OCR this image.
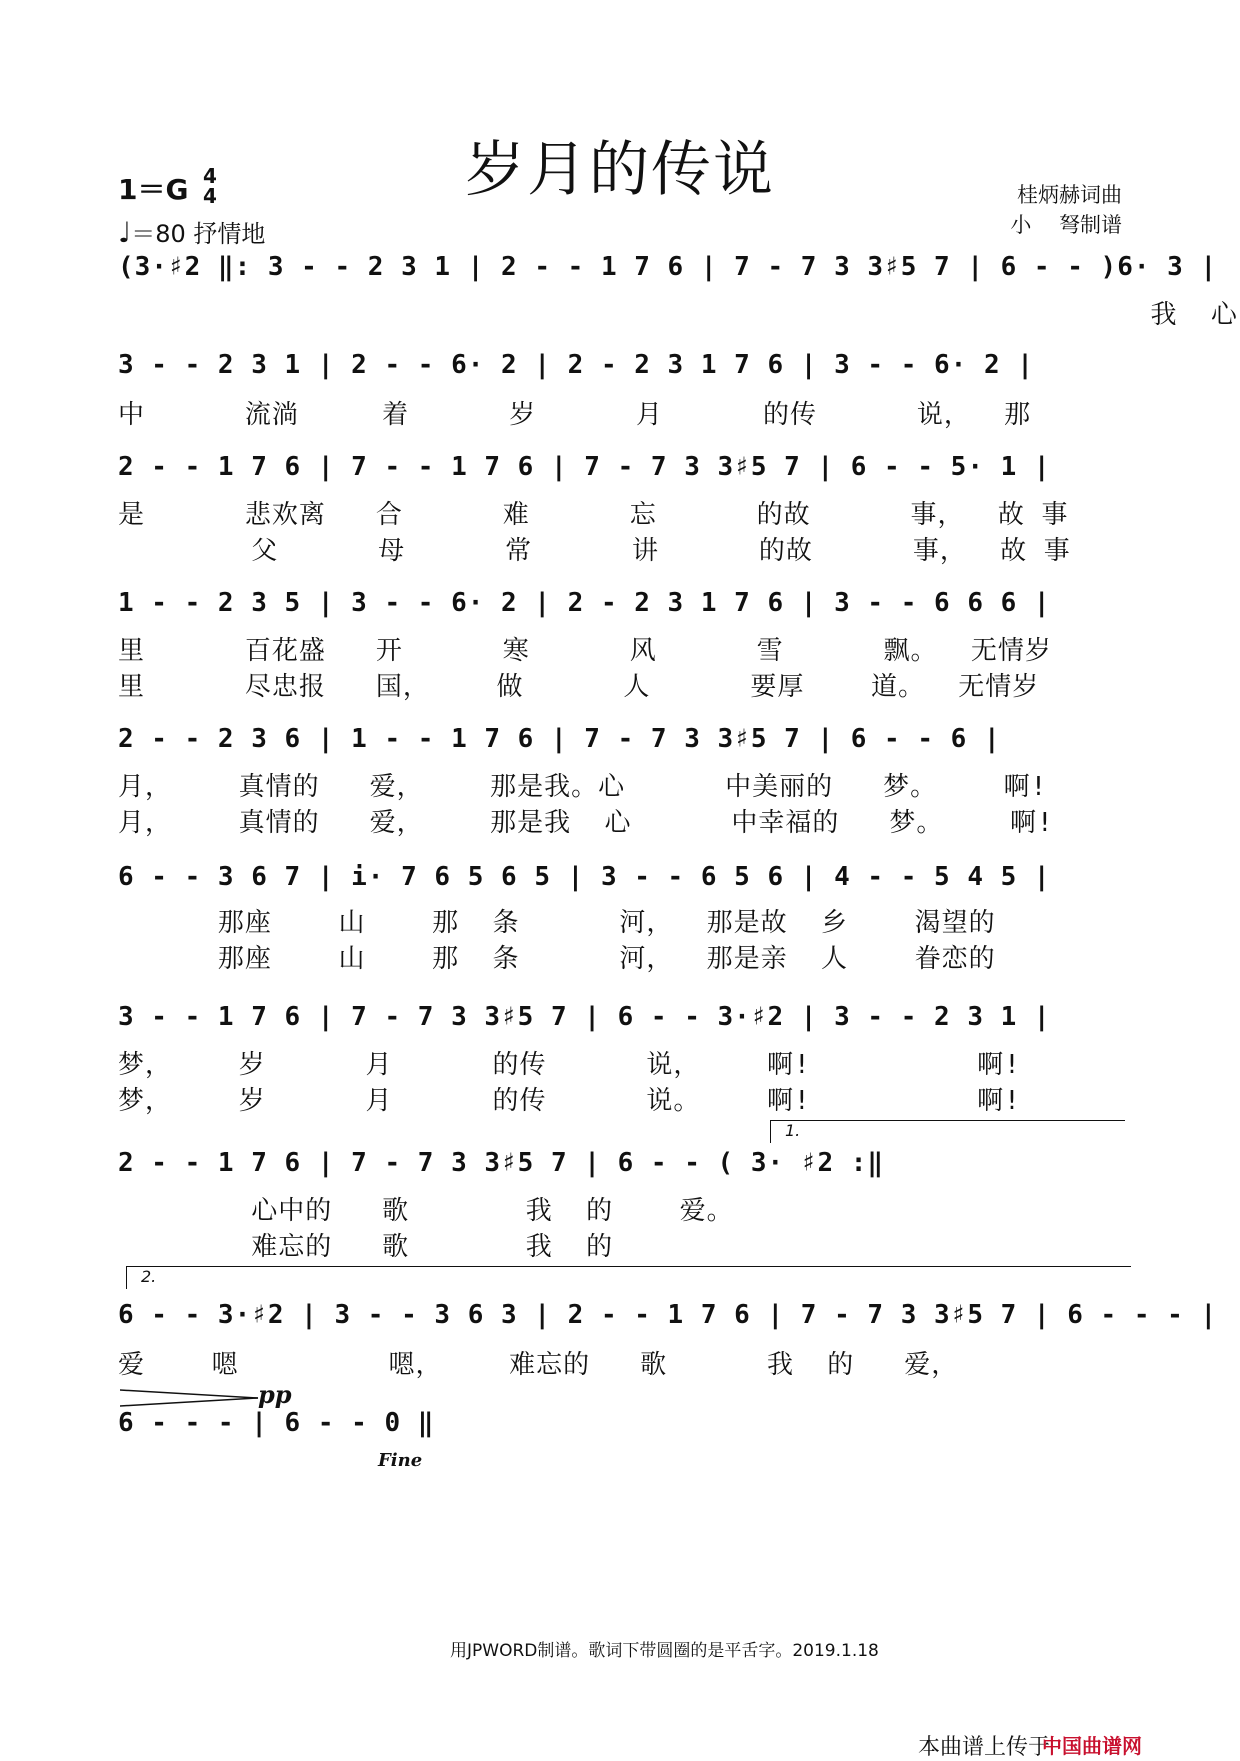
岁月的传说
1＝G 4
4
♩＝80 抒情地
桂炳赫词曲
小　 弩制谱
(3·♯2 ‖: 3 - - 2 3 1 | 2 - - 1 7 6 | 7 - 7 3 3♯5 7 | 6 - - )6· 3 |
我  心
3 - - 2 3 1 | 2 - - 6· 2 | 2 - 2 3 1 7 6 | 3 - - 6· 2 |
中      流淌     着      岁      月      的传      说，  那
2 - - 1 7 6 | 7 - - 1 7 6 | 7 - 7 3 3♯5 7 | 6 - - 5· 1 |
是      悲欢离   合      难      忘      的故      事，  故 事
父      母      常      讲      的故      事，  故 事
1 - - 2 3 5 | 3 - - 6· 2 | 2 - 2 3 1 7 6 | 3 - - 6 6 6 |
里      百花盛   开      寒      风      雪      飘。  无情岁
里      尽忠报   国，    做      人      要厚    道。  无情岁
2 - - 2 3 6 | 1 - - 1 7 6 | 7 - 7 3 3♯5 7 | 6 - - 6 |
月，    真情的   爱，    那是我。心      中美丽的   梦。    啊!
月，    真情的   爱，    那是我  心      中幸福的   梦。    啊!
6 - - 3 6 7 | i· 7 6 5 6 5 | 3 - - 6 5 6 | 4 - - 5 4 5 |
那座    山    那  条      河，  那是故  乡    渴望的
那座    山    那  条      河，  那是亲  人    眷恋的
3 - - 1 7 6 | 7 - 7 3 3♯5 7 | 6 - - 3·♯2 | 3 - - 2 3 1 |
梦，    岁      月      的传      说，    啊!          啊!
梦，    岁      月      的传      说。    啊!          啊!
1.
2 - - 1 7 6 | 7 - 7 3 3♯5 7 | 6 - - ( 3· ♯2 :‖
心中的   歌       我  的    爱。
难忘的   歌       我  的
2.
6 - - 3·♯2 | 3 - - 3 6 3 | 2 - - 1 7 6 | 7 - 7 3 3♯5 7 | 6 - - - |
爱    嗯         嗯，    难忘的   歌      我  的   爱，
pp
6 - - - | 6 - - 0 ‖
Fine
用JPWORD制谱。歌词下带圆圈的是平舌字。2019.1.18
本曲谱上传于
中国曲谱网
